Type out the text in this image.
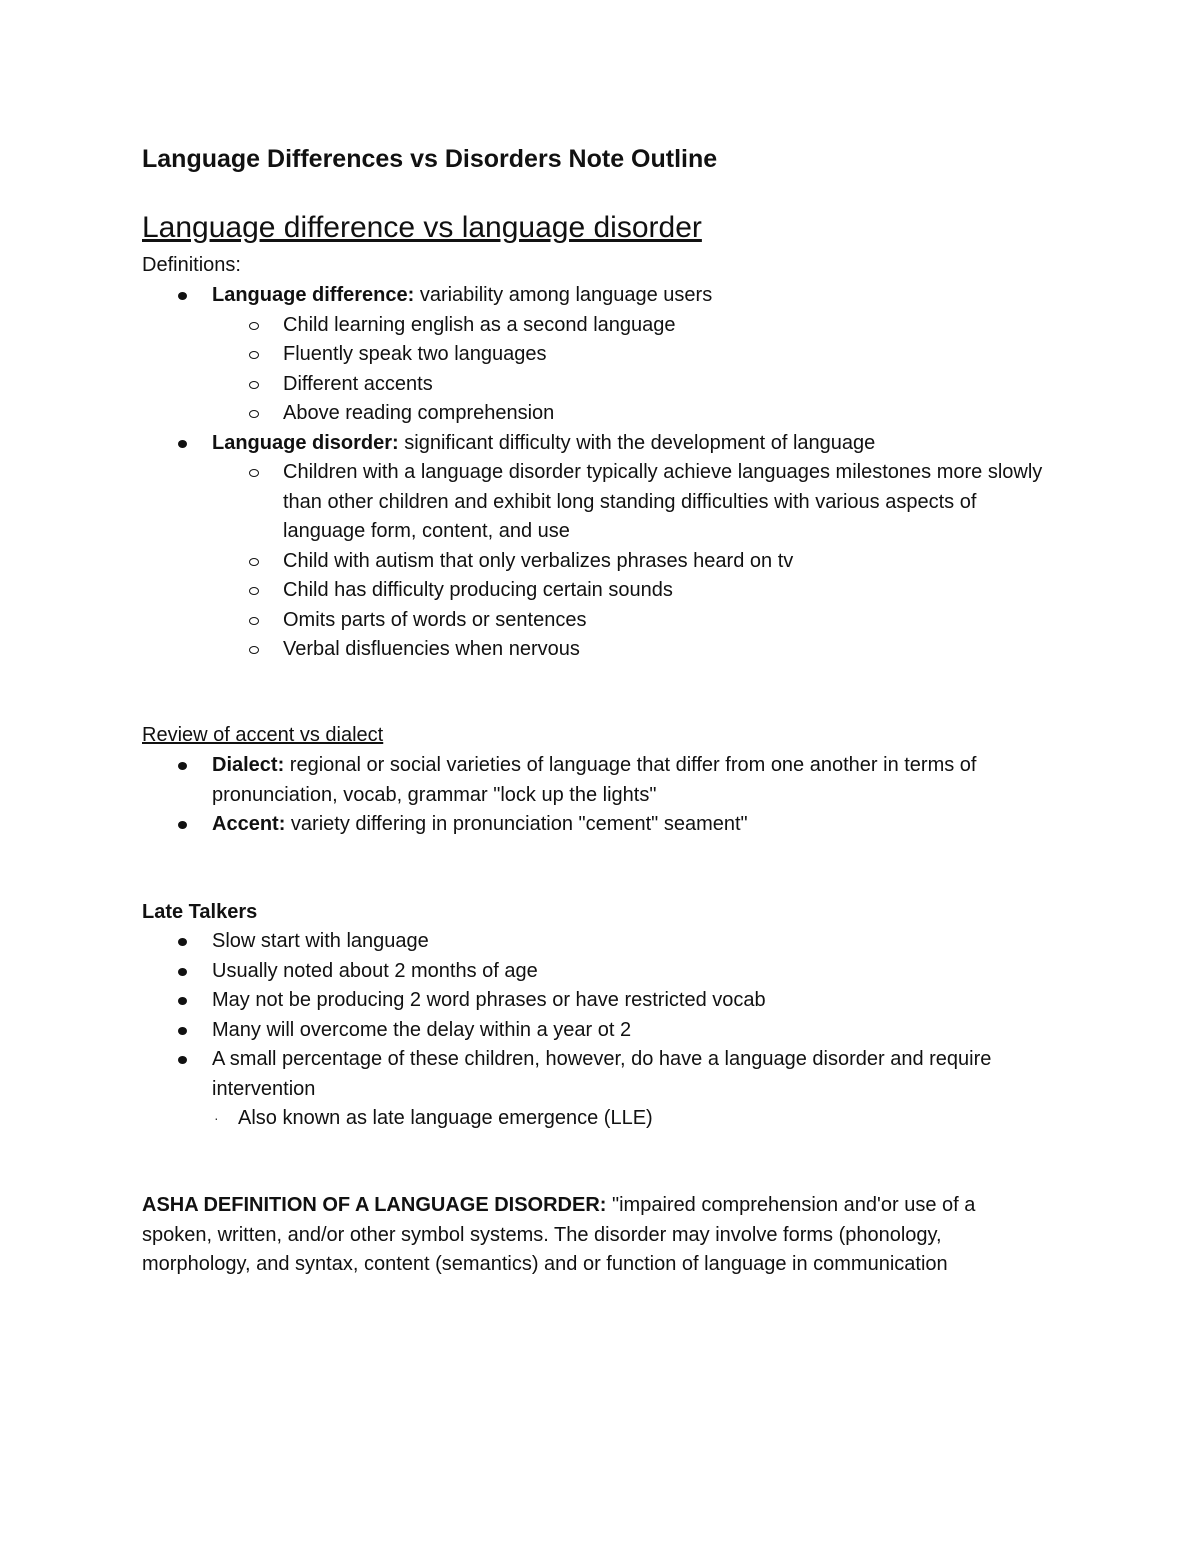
Language Differences vs Disorders Note Outline
Language difference vs language disorder

Definitions:

Language difference: variability among language users
Child learning english as a second language
Fluently speak two languages
Different accents
Above reading comprehension
Language disorder: significant difficulty with the development of language
Children with a language disorder typically achieve languages milestones more slowly than other children and exhibit long standing difficulties with various aspects of language form, content, and use
Child with autism that only verbalizes phrases heard on tv
Child has difficulty producing certain sounds
Omits parts of words or sentences
Verbal disfluencies when nervous

Review of accent vs dialect

Dialect: regional or social varieties of language that differ from one another in terms of pronunciation, vocab, grammar "lock up the lights"
Accent: variety differing in pronunciation "cement" seament"

Late Talkers

Slow start with language
Usually noted about 2 months of age
May not be producing 2 word phrases or have restricted vocab
Many will overcome the delay within a year ot 2
A small percentage of these children, however, do have a language disorder and require intervention
· Also known as late language emergence (LLE)

ASHA DEFINITION OF A LANGUAGE DISORDER: "impaired comprehension and'or use of a spoken, written, and/or other symbol systems. The disorder may involve forms (phonology, morphology, and syntax, content (semantics) and or function of language in communication
